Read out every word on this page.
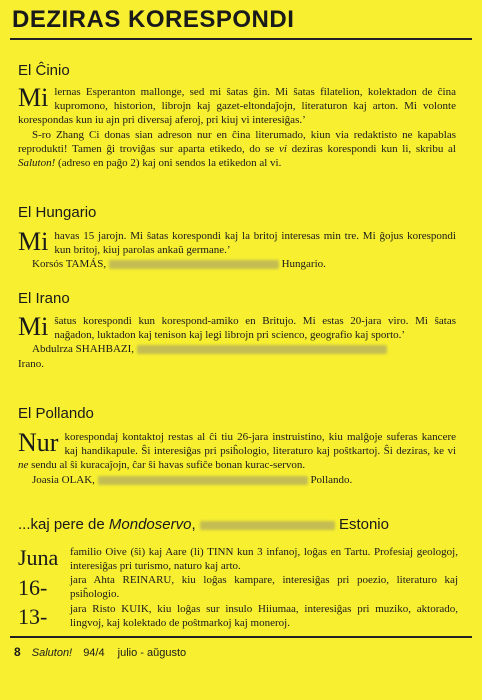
DEZIRAS KORESPONDI
El Ĉinio
Mi lernas Esperanton mallonge, sed mi ŝatas ĝin. Mi ŝatas filatelion, kolektadon de ĉina kupromono, historion, librojn kaj gazet-eltondaĵojn, literaturon kaj arton. Mi volonte korespondas kun iu ajn pri diversaj aferoj, pri kiuj vi interesiĝas.’

S-ro Zhang Ci donas sian adreson nur en ĉina literumado, kiun via redaktisto ne kapablas reprodukti! Tamen ĝi troviĝas sur aparta etikedo, do se vi deziras korespondi kun li, skribu al Saluton! (adreso en paĝo 2) kaj oni sendos la etikedon al vi.

El Hungario
Mi havas 15 jarojn. Mi ŝatas korespondi kaj la britoj interesas min tre. Mi ĝojus korespondi kun britoj, kiuj parolas ankaŭ germane.’

Korsós TAMÁS,	Hungario.

El Irano
Mi ŝatus korespondi kun korespond-amiko en Britujo. Mi estas 20-jara viro. Mi ŝatas naĝadon, luktadon kaj tenison kaj legi librojn pri scienco, geografio kaj sporto.’

Abdulrza SHAHBAZI,

Irano.

El Pollando
Nur korespondaj kontaktoj restas al ĉi tiu 26-jara instruistino, kiu malĝoje suferas kancere kaj handikapule. Ŝi interesiĝas pri psiĥologio, literaturo kaj poŝtkartoj. Ŝi deziras, ke vi ne sendu al ŝi kuracaĵojn, ĉar ŝi havas sufiĉe bonan kurac-servon.

Joasia OLAK,	Pollando.

...kaj pere de Mondoservo,	Estonio
Juna familio Oive (ŝi) kaj Aare (li) TINN kun 3 infanoj, loĝas en Tartu. Profesiaj geologoj, interesiĝas pri turismo, naturo kaj arto.
16- jara Ahta REINARU, kiu loĝas kampare, interesiĝas pri poezio, literaturo kaj psiĥologio.
13- jara Risto KUIK, kiu loĝas sur insulo Hiiumaa, interesiĝas pri muziko, aktorado, lingvoj, kaj kolektado de poŝtmarkoj kaj moneroj.
8 Saluton! 94/4 julio - aŭgusto
